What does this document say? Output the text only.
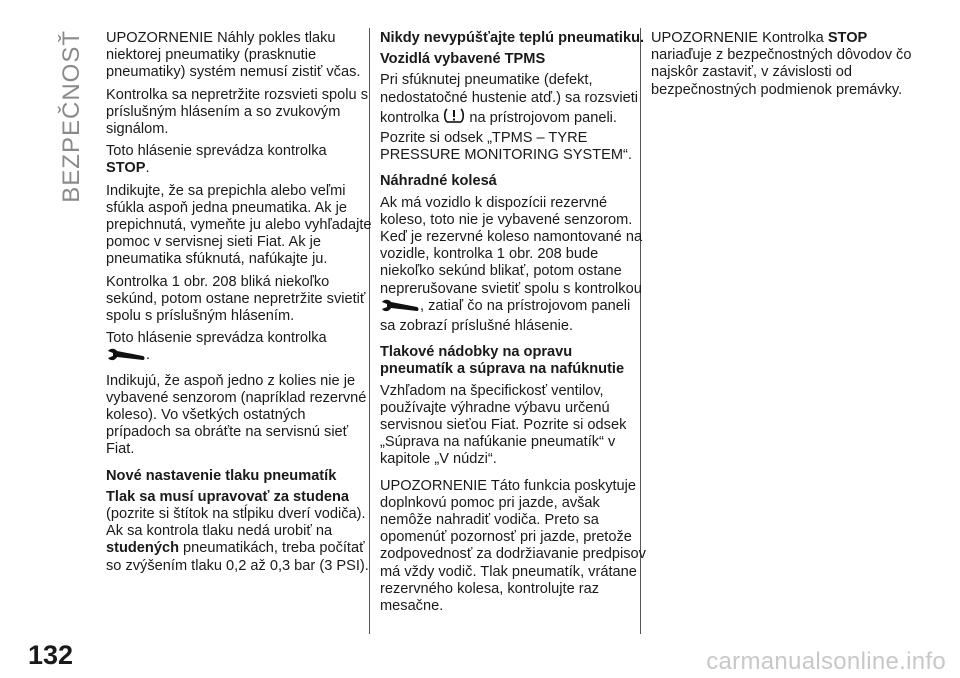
BEZPEČNOSŤ
132

UPOZORNENIE Náhly pokles tlaku niektorej pneumatiky (prasknutie pneumatiky) systém nemusí zistiť včas.

Kontrolka sa nepretržite rozsvieti spolu s príslušným hlásením a so zvukovým signálom.

Toto hlásenie sprevádza kontrolka
STOP.

Indikujte, že sa prepichla alebo veľmi sfúkla aspoň jedna pneumatika. Ak je prepichnutá, vymeňte ju alebo vyhľadajte pomoc v servisnej sieti Fiat. Ak je pneumatika sfúknutá, nafúkajte ju.

Kontrolka 1 obr. 208 bliká niekoľko sekúnd, potom ostane nepretržite svietiť spolu s príslušným hlásením.

Toto hlásenie sprevádza kontrolka
.

Indikujú, že aspoň jedno z kolies nie je vybavené senzorom (napríklad rezervné koleso). Vo všetkých ostatných prípadoch sa obráťte na servisnú sieť Fiat.

Nové nastavenie tlaku pneumatík
Tlak sa musí upravovať za studena

(pozrite si štítok na stĺpiku dverí vodiča). Ak sa kontrola tlaku nedá urobiť na studených pneumatikách, treba počítať so zvýšením tlaku 0,2 až 0,3 bar (3 PSI).

Nikdy nevypúšťajte teplú pneumatiku.
Vozidlá vybavené TPMS

Pri sfúknutej pneumatike (defekt, nedostatočné hustenie atď.) sa rozsvieti kontrolka na prístrojovom paneli. Pozrite si odsek „TPMS – TYRE PRESSURE MONITORING SYSTEM“.

Náhradné kolesá

Ak má vozidlo k dispozícii rezervné koleso, toto nie je vybavené senzorom. Keď je rezervné koleso namontované na vozidle, kontrolka 1 obr. 208 bude niekoľko sekúnd blikať, potom ostane neprerušovane svietiť spolu s kontrolkou , zatiaľ čo na prístrojovom paneli sa zobrazí príslušné hlásenie.

Tlakové nádobky na opravu pneumatík a súprava na nafúknutie

Vzhľadom na špecifickosť ventilov, používajte výhradne výbavu určenú servisnou sieťou Fiat. Pozrite si odsek „Súprava na nafúkanie pneumatík“ v kapitole „V núdzi“.

UPOZORNENIE Táto funkcia poskytuje doplnkovú pomoc pri jazde, avšak nemôže nahradiť vodiča. Preto sa opomenúť pozornosť pri jazde, pretože zodpovednosť za dodržiavanie predpisov má vždy vodič. Tlak pneumatík, vrátane rezervného kolesa, kontrolujte raz mesačne.

UPOZORNENIE Kontrolka STOP nariaďuje z bezpečnostných dôvodov čo najskôr zastaviť, v závislosti od bezpečnostných podmienok premávky.

carmanualsonline.info
